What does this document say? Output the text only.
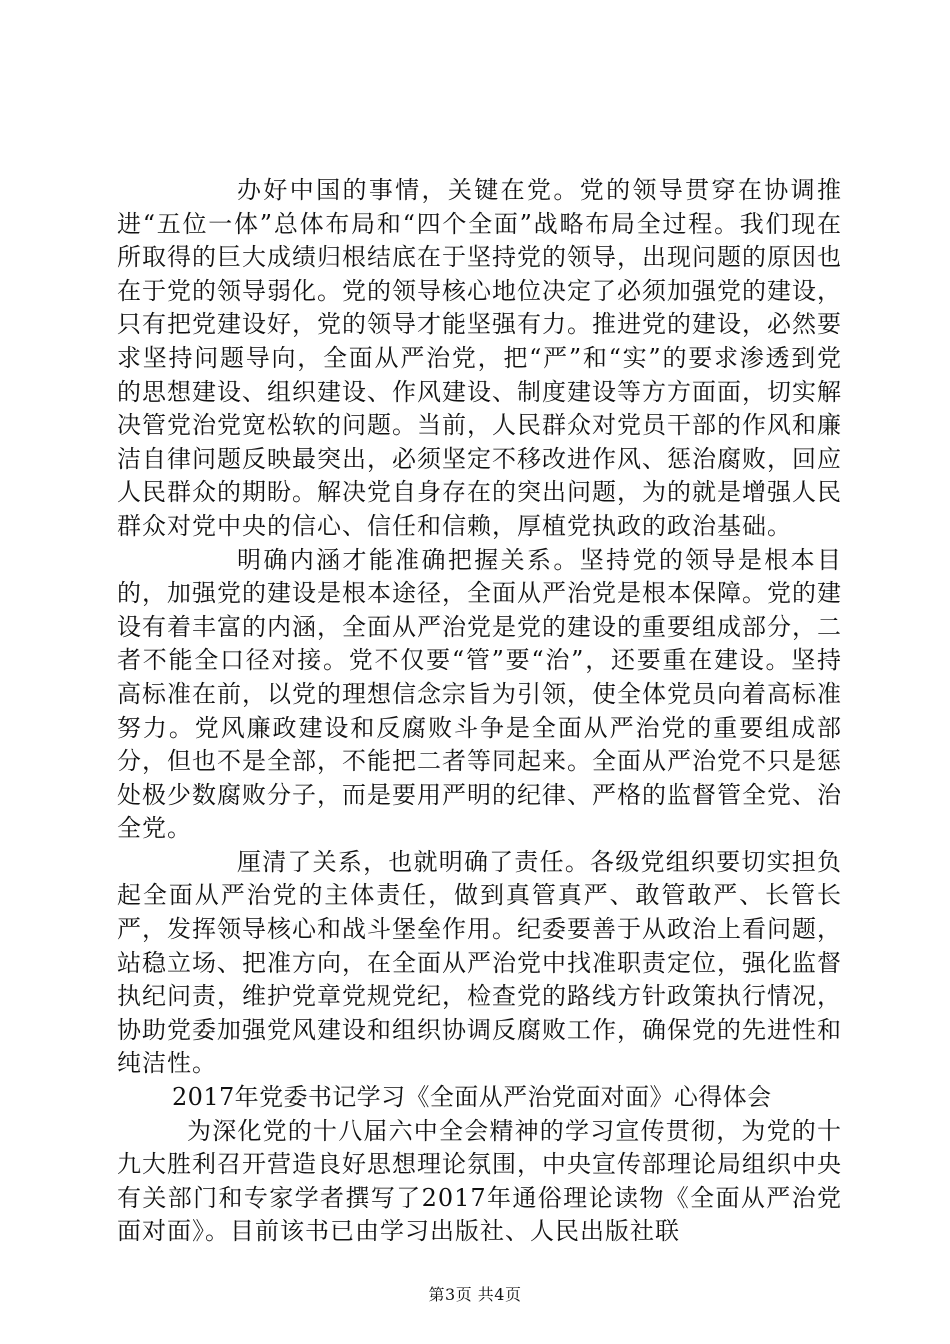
办好中国的事情，关键在党。党的领导贯穿在协调推进“五位一体”总体布局和“四个全面”战略布局全过程。我们现在所取得的巨大成绩归根结底在于坚持党的领导，出现问题的原因也在于党的领导弱化。党的领导核心地位决定了必须加强党的建设，只有把党建设好，党的领导才能坚强有力。推进党的建设，必然要求坚持问题导向，全面从严治党，把“严”和“实”的要求渗透到党的思想建设、组织建设、作风建设、制度建设等方方面面，切实解决管党治党宽松软的问题。当前，人民群众对党员干部的作风和廉洁自律问题反映最突出，必须坚定不移改进作风、惩治腐败，回应人民群众的期盼。解决党自身存在的突出问题，为的就是增强人民群众对党中央的信心、信任和信赖，厚植党执政的政治基础。
明确内涵才能准确把握关系。坚持党的领导是根本目的，加强党的建设是根本途径，全面从严治党是根本保障。党的建设有着丰富的内涵，全面从严治党是党的建设的重要组成部分，二者不能全口径对接。党不仅要“管”要“治”，还要重在建设。坚持高标准在前，以党的理想信念宗旨为引领，使全体党员向着高标准努力。党风廉政建设和反腐败斗争是全面从严治党的重要组成部分，但也不是全部，不能把二者等同起来。全面从严治党不只是惩处极少数腐败分子，而是要用严明的纪律、严格的监督管全党、治全党。
厘清了关系，也就明确了责任。各级党组织要切实担负起全面从严治党的主体责任，做到真管真严、敢管敢严、长管长严，发挥领导核心和战斗堡垒作用。纪委要善于从政治上看问题，站稳立场、把准方向，在全面从严治党中找准职责定位，强化监督执纪问责，维护党章党规党纪，检查党的路线方针政策执行情况，协助党委加强党风建设和组织协调反腐败工作，确保党的先进性和纯洁性。
2017年党委书记学习《全面从严治党面对面》心得体会
为深化党的十八届六中全会精神的学习宣传贯彻，为党的十九大胜利召开营造良好思想理论氛围，中央宣传部理论局组织中央有关部门和专家学者撰写了2017年通俗理论读物《全面从严治党面对面》。目前该书已由学习出版社、人民出版社联
第3页 共4页
